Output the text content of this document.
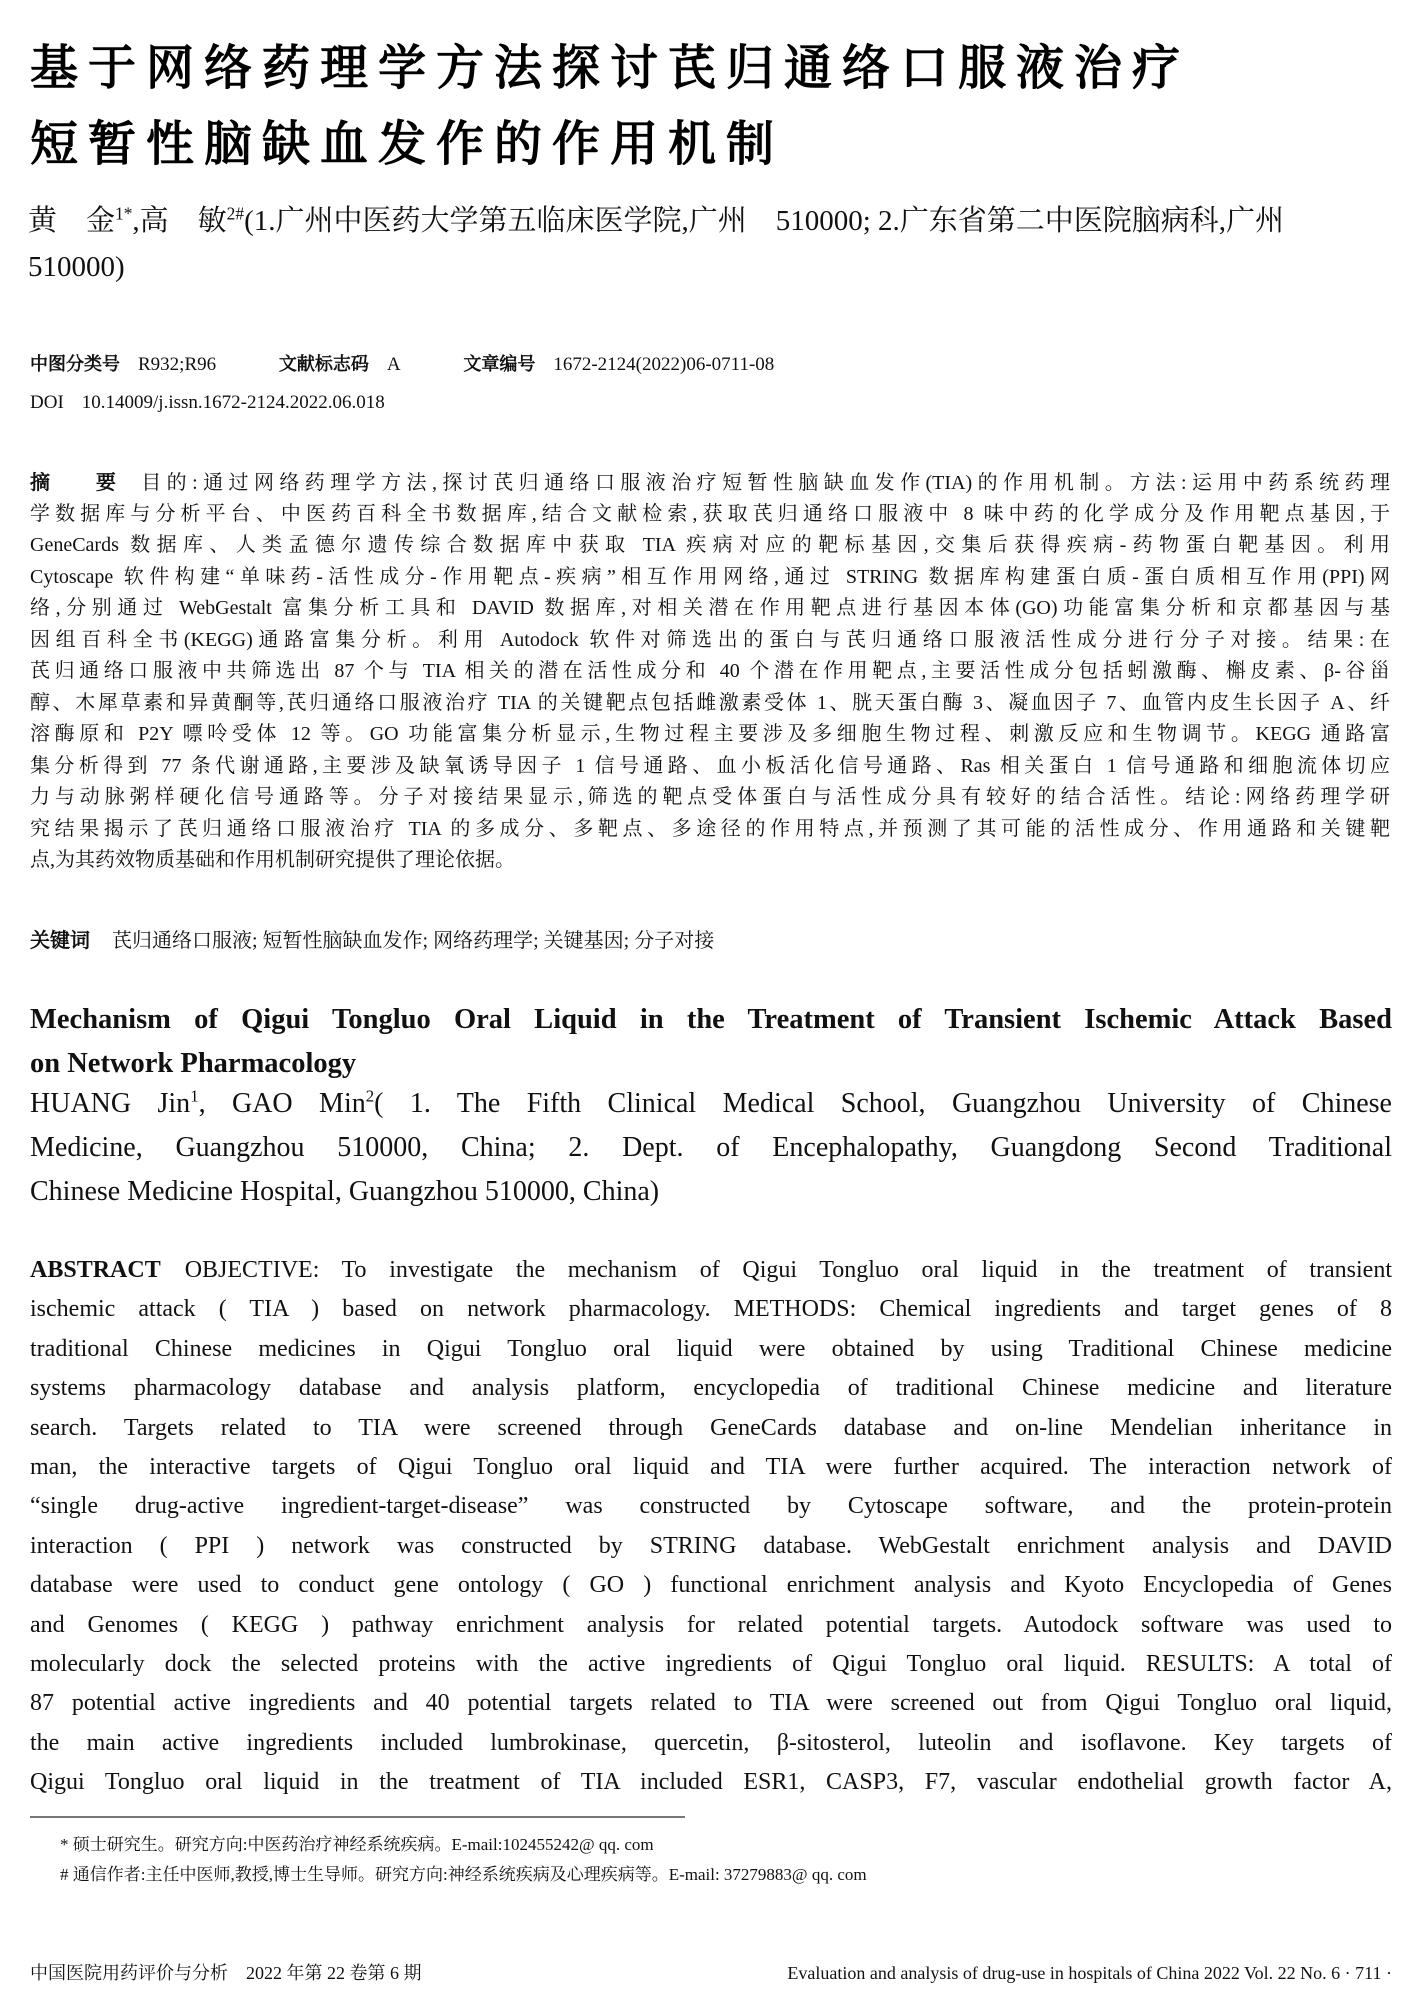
基于网络药理学方法探讨芪归通络口服液治疗
短暂性脑缺血发作的作用机制
黄　金$^{1*}$,高　敏$^{2\#}$(1.广州中医药大学第五临床医学院,广州　510000; 2.广东省第二中医院脑病科,广州
510000)
中图分类号 R932;R96	文献标志码 A	文章编号 1672-2124(2022)06-0711-08
DOI 10.14009/j.issn.1672-2124.2022.06.018
摘 要 目的:通过网络药理学方法,探讨芪归通络口服液治疗短暂性脑缺血发作(TIA)的作用机制。方法:运用中药系统药理
学数据库与分析平台、中医药百科全书数据库,结合文献检索,获取芪归通络口服液中 8 味中药的化学成分及作用靶点基因,于
GeneCards 数据库、人类孟德尔遗传综合数据库中获取 TIA 疾病对应的靶标基因,交集后获得疾病-药物蛋白靶基因。利用
Cytoscape 软件构建“单味药-活性成分-作用靶点-疾病”相互作用网络,通过 STRING 数据库构建蛋白质-蛋白质相互作用(PPI)网
络,分别通过 WebGestalt 富集分析工具和 DAVID 数据库,对相关潜在作用靶点进行基因本体(GO)功能富集分析和京都基因与基
因组百科全书(KEGG)通路富集分析。利用 Autodock 软件对筛选出的蛋白与芪归通络口服液活性成分进行分子对接。结果:在
芪归通络口服液中共筛选出 87 个与 TIA 相关的潜在活性成分和 40 个潜在作用靶点,主要活性成分包括蚓激酶、槲皮素、β-谷甾
醇、木犀草素和异黄酮等,芪归通络口服液治疗 TIA 的关键靶点包括雌激素受体 1、胱天蛋白酶 3、凝血因子 7、血管内皮生长因子 A、纤
溶酶原和 P2Y 嘌呤受体 12 等。GO 功能富集分析显示,生物过程主要涉及多细胞生物过程、刺激反应和生物调节。KEGG 通路富
集分析得到 77 条代谢通路,主要涉及缺氧诱导因子 1 信号通路、血小板活化信号通路、Ras 相关蛋白 1 信号通路和细胞流体切应
力与动脉粥样硬化信号通路等。分子对接结果显示,筛选的靶点受体蛋白与活性成分具有较好的结合活性。结论:网络药理学研
究结果揭示了芪归通络口服液治疗 TIA 的多成分、多靶点、多途径的作用特点,并预测了其可能的活性成分、作用通路和关键靶
点,为其药效物质基础和作用机制研究提供了理论依据。
关键词 芪归通络口服液; 短暂性脑缺血发作; 网络药理学; 关键基因; 分子对接
Mechanism of Qigui Tongluo Oral Liquid in the Treatment of Transient Ischemic Attack Based
on Network Pharmacology
HUANG Jin$^1$, GAO Min$^2$( 1. The Fifth Clinical Medical School, Guangzhou University of Chinese
Medicine, Guangzhou 510000, China; 2. Dept. of Encephalopathy, Guangdong Second Traditional
Chinese Medicine Hospital, Guangzhou 510000, China)
ABSTRACT OBJECTIVE: To investigate the mechanism of Qigui Tongluo oral liquid in the treatment of transient
ischemic attack ( TIA ) based on network pharmacology. METHODS: Chemical ingredients and target genes of 8
traditional Chinese medicines in Qigui Tongluo oral liquid were obtained by using Traditional Chinese medicine
systems pharmacology database and analysis platform, encyclopedia of traditional Chinese medicine and literature
search. Targets related to TIA were screened through GeneCards database and on-line Mendelian inheritance in
man, the interactive targets of Qigui Tongluo oral liquid and TIA were further acquired. The interaction network of
“single drug-active ingredient-target-disease” was constructed by Cytoscape software, and the protein-protein
interaction ( PPI ) network was constructed by STRING database. WebGestalt enrichment analysis and DAVID
database were used to conduct gene ontology ( GO ) functional enrichment analysis and Kyoto Encyclopedia of Genes
and Genomes ( KEGG ) pathway enrichment analysis for related potential targets. Autodock software was used to
molecularly dock the selected proteins with the active ingredients of Qigui Tongluo oral liquid. RESULTS: A total of
87 potential active ingredients and 40 potential targets related to TIA were screened out from Qigui Tongluo oral liquid,
the main active ingredients included lumbrokinase, quercetin, β-sitosterol, luteolin and isoflavone. Key targets of
Qigui Tongluo oral liquid in the treatment of TIA included ESR1, CASP3, F7, vascular endothelial growth factor A,
* 硕士研究生。研究方向:中医药治疗神经系统疾病。E-mail:102455242@ qq. com
# 通信作者:主任中医师,教授,博士生导师。研究方向:神经系统疾病及心理疾病等。E-mail: 37279883@ qq. com
中国医院用药评价与分析　2022 年第 22 卷第 6 期	Evaluation and analysis of drug-use in hospitals of China 2022 Vol. 22 No. 6 · 711 ·
